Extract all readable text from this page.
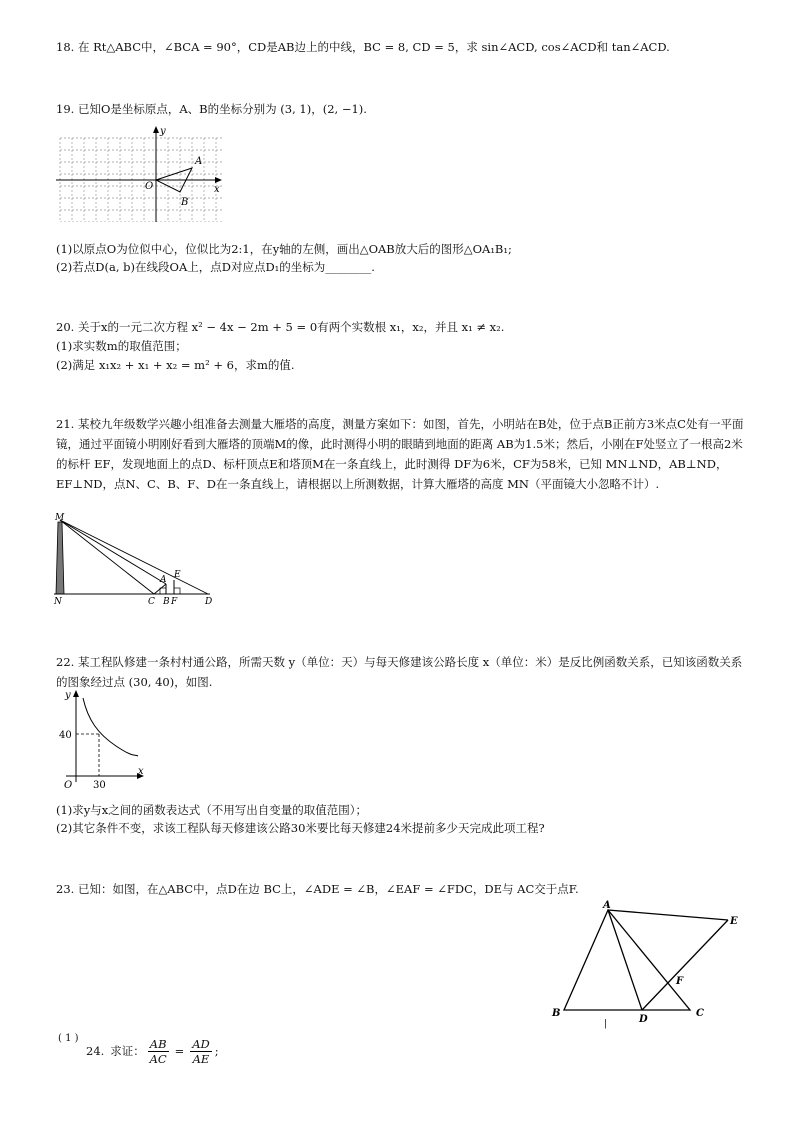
18. 在 Rt△ABC中，∠BCA = 90°，CD是AB边上的中线，BC = 8, CD = 5，求 sin∠ACD, cos∠ACD和 tan∠ACD.
19. 已知O是坐标原点，A、B的坐标分别为 (3, 1)，(2, −1).
x
y
O
A
B
(1)以原点O为位似中心，位似比为2:1，在y轴的左侧，画出△OAB放大后的图形△OA₁B₁;
(2)若点D(a, b)在线段OA上，点D对应点D₁的坐标为________.
20. 关于x的一元二次方程 x² − 4x − 2m + 5 = 0有两个实数根 x₁，x₂，并且 x₁ ≠ x₂.
(1)求实数m的取值范围；
(2)满足 x₁x₂ + x₁ + x₂ = m² + 6，求m的值.
21. 某校九年级数学兴趣小组准备去测量大雁塔的高度，测量方案如下：如图，首先，小明站在B处，位于点B正前方3米点C处有一平面镜，通过平面镜小明刚好看到大雁塔的顶端M的像，此时测得小明的眼睛到地面的距离 AB为1.5米；然后，小刚在F处竖立了一根高2米的标杆 EF，发现地面上的点D、标杆顶点E和塔顶M在一条直线上，此时测得 DF为6米，CF为58米，已知 MN⊥ND，AB⊥ND，EF⊥ND，点N、C、B、F、D在一条直线上，请根据以上所测数据，计算大雁塔的高度 MN（平面镜大小忽略不计）.
M
N	C
A E
B F	D
22. 某工程队修建一条村村通公路，所需天数 y（单位：天）与每天修建该公路长度 x（单位：米）是反比例函数关系，已知该函数关系的图象经过点 (30, 40)，如图.
y
x
O
40
30
(1)求y与x之间的函数表达式（不用写出自变量的取值范围）；
(2)其它条件不变，求该工程队每天修建该公路30米要比每天修建24米提前多少天完成此项工程?
23. 已知：如图，在△ABC中，点D在边 BC上，∠ADE = ∠B，∠EAF = ∠FDC，DE与 AC交于点F.
A
B	C
D
E
F
|
( 1 )
24. 求证： $\frac{AB}{AC} = \frac{AD}{AE}$ ;
